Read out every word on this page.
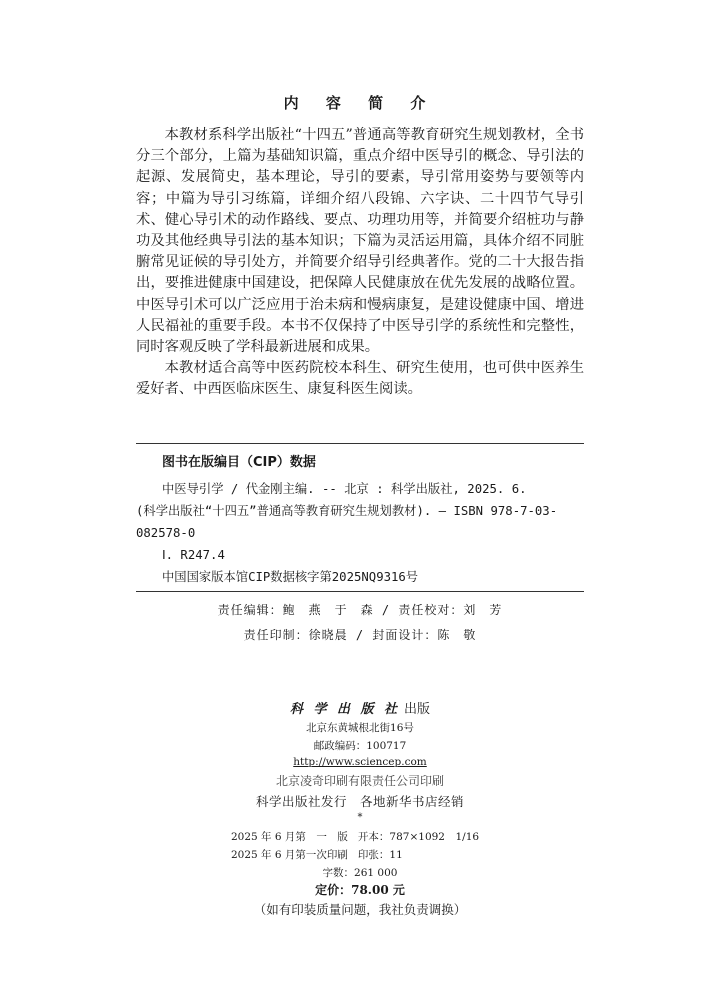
内 容 简 介

本教材系科学出版社“十四五”普通高等教育研究生规划教材，全书分三个部分，上篇为基础知识篇，重点介绍中医导引的概念、导引法的起源、发展简史，基本理论，导引的要素，导引常用姿势与要领等内容；中篇为导引习练篇，详细介绍八段锦、六字诀、二十四节气导引术、健心导引术的动作路线、要点、功理功用等，并简要介绍桩功与静功及其他经典导引法的基本知识；下篇为灵活运用篇，具体介绍不同脏腑常见证候的导引处方，并简要介绍导引经典著作。党的二十大报告指出，要推进健康中国建设，把保障人民健康放在优先发展的战略位置。中医导引术可以广泛应用于治未病和慢病康复，是建设健康中国、增进人民福祉的重要手段。本书不仅保持了中医导引学的系统性和完整性，同时客观反映了学科最新进展和成果。

本教材适合高等中医药院校本科生、研究生使用，也可供中医养生爱好者、中西医临床医生、康复科医生阅读。

图书在版编目（CIP）数据
中医导引学 / 代金刚主编. -- 北京 : 科学出版社, 2025. 6.
(科学出版社“十四五”普通高等教育研究生规划教材). — ISBN 978-7-03-
082578-0
Ⅰ. R247.4
中国国家版本馆CIP数据核字第2025NQ9316号
责任编辑：鲍　燕　于　森 / 责任校对：刘　芳
责任印制：徐晓晨 / 封面设计：陈　敬
科 学 出 版 社 出版
北京东黄城根北街16号
邮政编码：100717
http://www.sciencep.com
北京凌奇印刷有限责任公司印刷
科学出版社发行　各地新华书店经销
*
2025 年 6 月第　一　版 开本：787×1092　1/16
2025 年 6 月第一次印刷 印张：11
字数：261 000
定价：78.00 元
（如有印装质量问题，我社负责调换）
